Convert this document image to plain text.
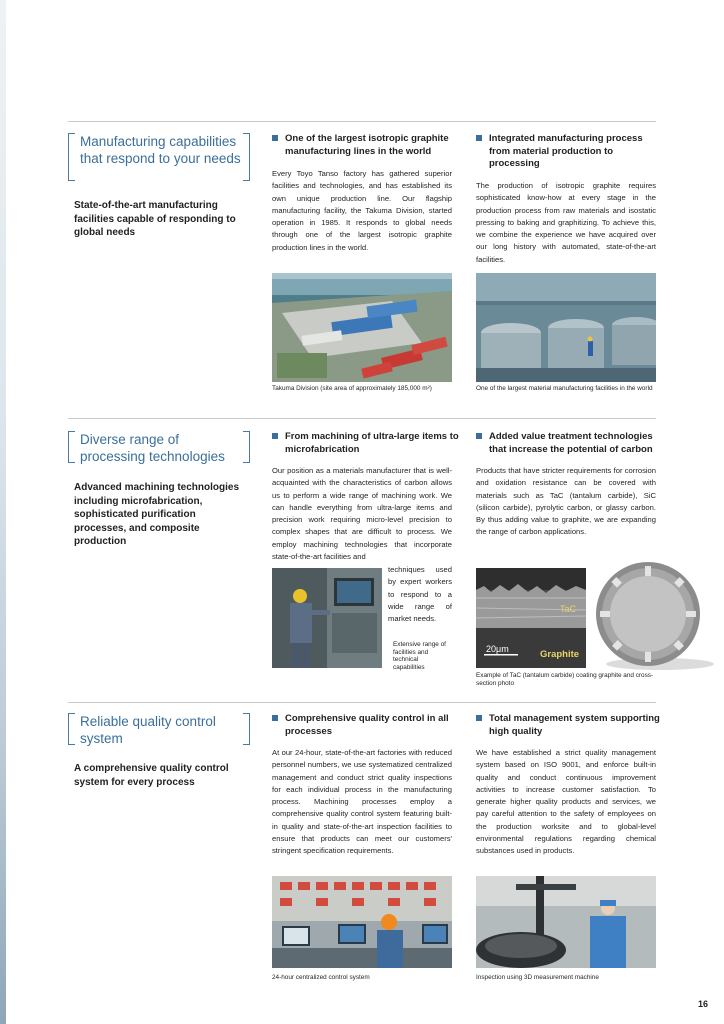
Manufacturing capabilities that respond to your needs

State-of-the-art manufacturing facilities capable of responding to global needs

One of the largest isotropic graphite manufacturing lines in the world

Every Toyo Tanso factory has gathered superior facilities and technologies, and has established its own unique production line. Our flagship manufacturing facility, the Takuma Division, started operation in 1985. It responds to global needs through one of the largest isotropic graphite production lines in the world.

Takuma Division (site area of approximately 185,000 m²)

Integrated manufacturing process from material production to processing

The production of isotropic graphite requires sophisticated know-how at every stage in the production process from raw materials and isostatic pressing to baking and graphitizing. To achieve this, we combine the experience we have acquired over our long history with automated, state-of-the-art facilities.

One of the largest material manufacturing facilities in the world

Diverse range of processing technologies

Advanced machining technologies including microfabrication, sophisticated purification processes, and composite production

From machining of ultra-large items to microfabrication

Our position as a materials manufacturer that is well-acquainted with the characteristics of carbon allows us to perform a wide range of machining work. We can handle everything from ultra-large items and precision work requiring micro-level precision to complex shapes that are difficult to process. We employ machining technologies that incorporate state-of-the-art facilities and

techniques used by expert workers to respond to a wide range of market needs.

Extensive range of facilities and technical capabilities

Added value treatment technologies that increase the potential of carbon

Products that have stricter requirements for corrosion and oxidation resistance can be covered with materials such as TaC (tantalum carbide), SiC (silicon carbide), pyrolytic carbon, or glassy carbon. By thus adding value to graphite, we are expanding the range of carbon applications.

TaC
20μm	Graphite

Example of TaC (tantalum carbide) coating graphite and cross-section photo

Reliable quality control system

A comprehensive quality control system for every process

Comprehensive quality control in all processes

At our 24-hour, state-of-the-art factories with reduced personnel numbers, we use systematized centralized management and conduct strict quality inspections for each individual process in the manufacturing process. Machining processes employ a comprehensive quality control system featuring built-in quality and state-of-the-art inspection facilities to ensure that products can meet our customers' stringent specification requirements.

24-hour centralized control system

Total management system supporting high quality

We have established a strict quality management system based on ISO 9001, and enforce built-in quality and conduct continuous improvement activities to increase customer satisfaction. To generate higher quality products and services, we pay careful attention to the safety of employees on the production worksite and to global-level environmental regulations regarding chemical substances used in products.

Inspection using 3D measurement machine

16
